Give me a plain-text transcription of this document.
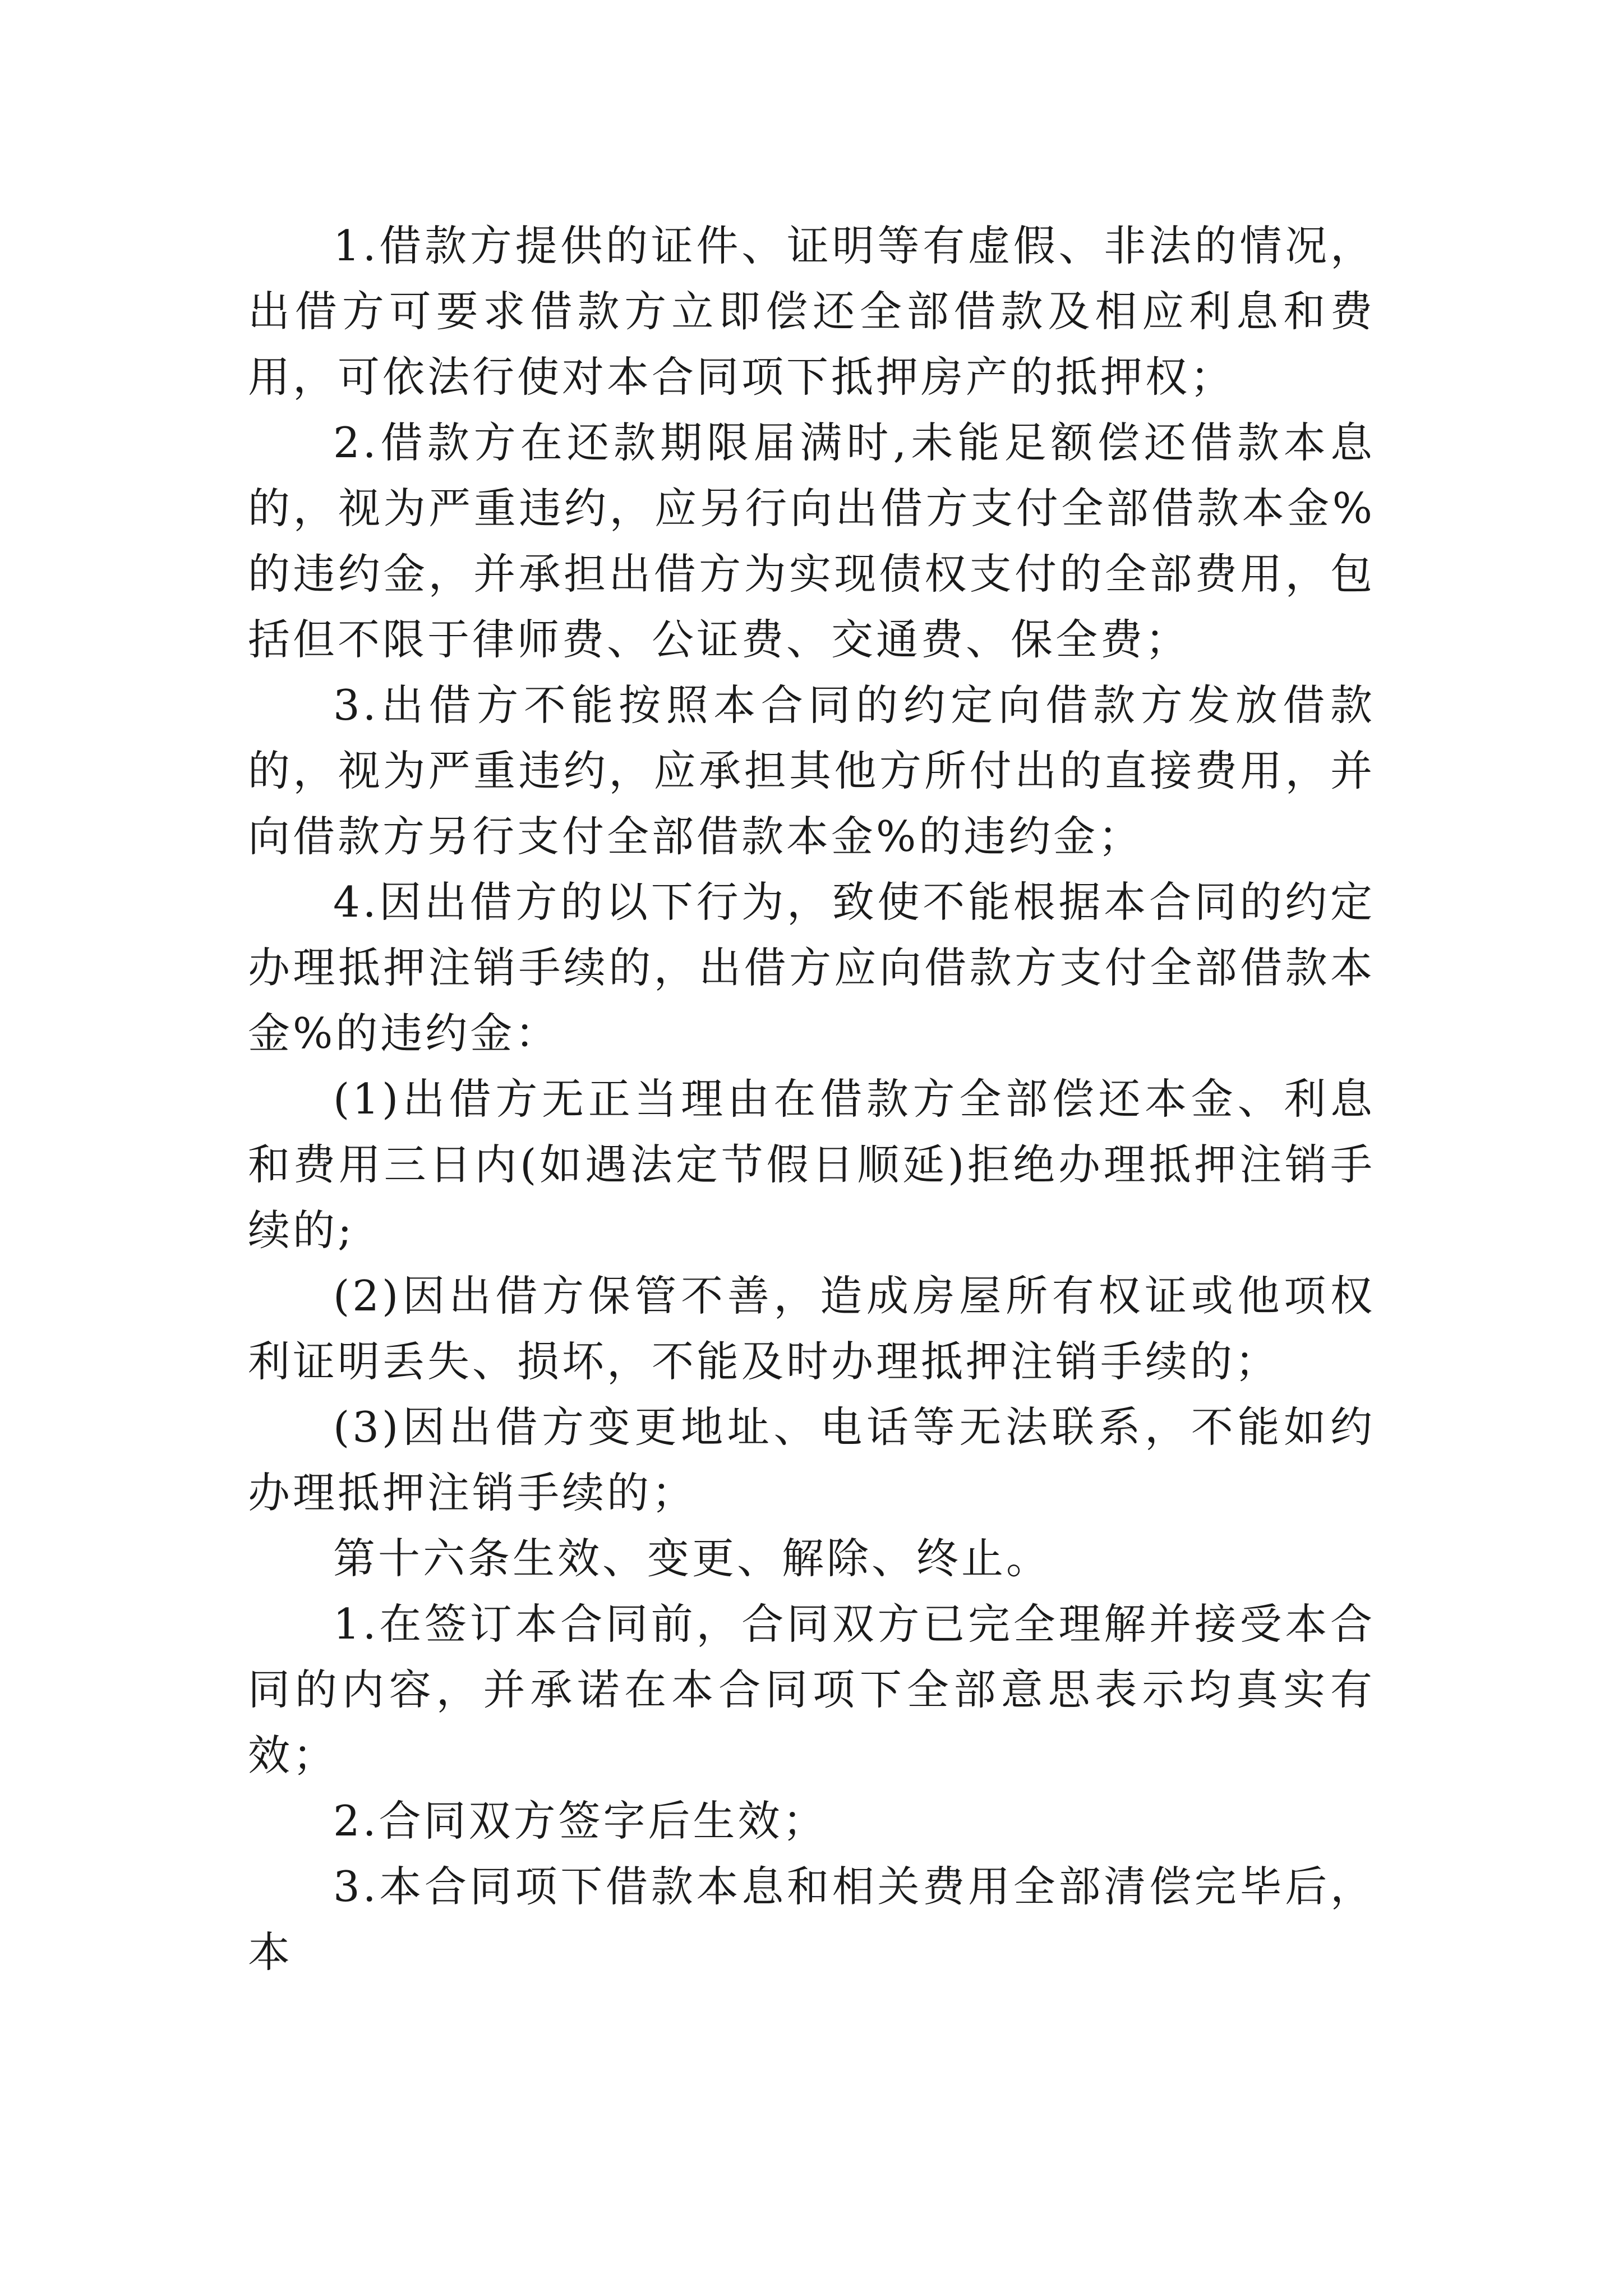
1.借款方提供的证件、证明等有虚假、非法的情况，出借方可要求借款方立即偿还全部借款及相应利息和费用，可依法行使对本合同项下抵押房产的抵押权；

2.借款方在还款期限届满时,未能足额偿还借款本息的，视为严重违约，应另行向出借方支付全部借款本金%的违约金，并承担出借方为实现债权支付的全部费用，包括但不限于律师费、公证费、交通费、保全费；

3.出借方不能按照本合同的约定向借款方发放借款的，视为严重违约，应承担其他方所付出的直接费用，并向借款方另行支付全部借款本金%的违约金；

4.因出借方的以下行为，致使不能根据本合同的约定办理抵押注销手续的，出借方应向借款方支付全部借款本金%的违约金：

(1)出借方无正当理由在借款方全部偿还本金、利息和费用三日内(如遇法定节假日顺延)拒绝办理抵押注销手续的;

(2)因出借方保管不善，造成房屋所有权证或他项权利证明丢失、损坏，不能及时办理抵押注销手续的；

(3)因出借方变更地址、电话等无法联系，不能如约办理抵押注销手续的；

第十六条生效、变更、解除、终止。

1.在签订本合同前，合同双方已完全理解并接受本合同的内容，并承诺在本合同项下全部意思表示均真实有效；

2.合同双方签字后生效；

3.本合同项下借款本息和相关费用全部清偿完毕后，本
